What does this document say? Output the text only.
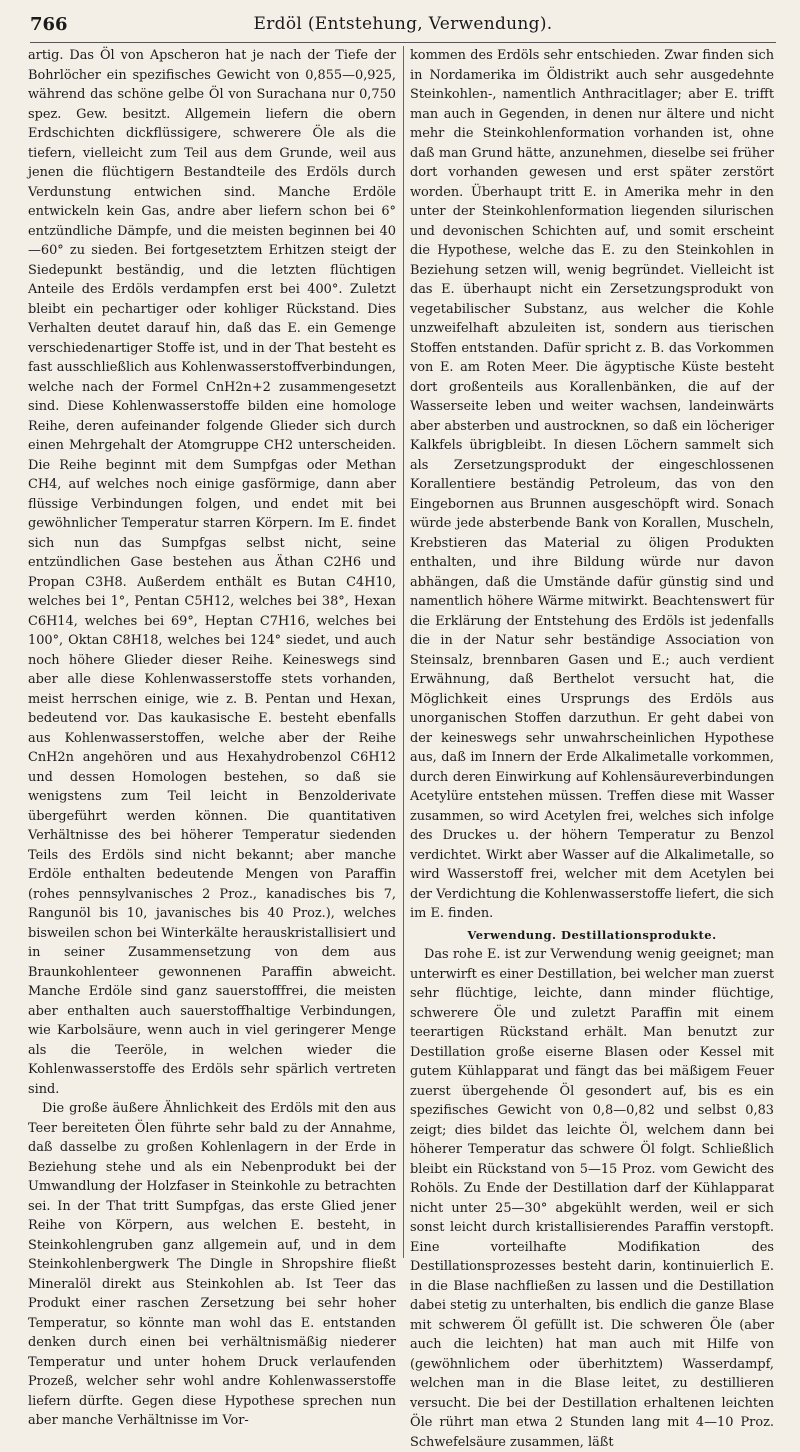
766	Erdöl (Entstehung, Verwendung).

artig. Das Öl von Apscheron hat je nach der Tiefe der Bohrlöcher ein spezifisches Gewicht von 0,855—0,925, während das schöne gelbe Öl von Surachana nur 0,750 spez. Gew. besitzt. Allgemein liefern die obern Erdschichten dickflüssigere, schwerere Öle als die tiefern, vielleicht zum Teil aus dem Grunde, weil aus jenen die flüchtigern Bestandteile des Erdöls durch Verdunstung entwichen sind. Manche Erdöle entwickeln kein Gas, andre aber liefern schon bei 6° entzündliche Dämpfe, und die meisten beginnen bei 40—60° zu sieden. Bei fortgesetztem Erhitzen steigt der Siedepunkt beständig, und die letzten flüchtigen Anteile des Erdöls verdampfen erst bei 400°. Zuletzt bleibt ein pechartiger oder kohliger Rückstand. Dies Verhalten deutet darauf hin, daß das E. ein Gemenge verschiedenartiger Stoffe ist, und in der That besteht es fast ausschließlich aus Kohlenwasserstoffverbindungen, welche nach der Formel CnH2n+2 zusammengesetzt sind. Diese Kohlenwasserstoffe bilden eine homologe Reihe, deren aufeinander folgende Glieder sich durch einen Mehrgehalt der Atomgruppe CH2 unterscheiden. Die Reihe beginnt mit dem Sumpfgas oder Methan CH4, auf welches noch einige gasförmige, dann aber flüssige Verbindungen folgen, und endet mit bei gewöhnlicher Temperatur starren Körpern. Im E. findet sich nun das Sumpfgas selbst nicht, seine entzündlichen Gase bestehen aus Äthan C2H6 und Propan C3H8. Außerdem enthält es Butan C4H10, welches bei 1°, Pentan C5H12, welches bei 38°, Hexan C6H14, welches bei 69°, Heptan C7H16, welches bei 100°, Oktan C8H18, welches bei 124° siedet, und auch noch höhere Glieder dieser Reihe. Keineswegs sind aber alle diese Kohlenwasserstoffe stets vorhanden, meist herrschen einige, wie z. B. Pentan und Hexan, bedeutend vor. Das kaukasische E. besteht ebenfalls aus Kohlenwasserstoffen, welche aber der Reihe CnH2n angehören und aus Hexahydrobenzol C6H12 und dessen Homologen bestehen, so daß sie wenigstens zum Teil leicht in Benzolderivate übergeführt werden können. Die quantitativen Verhältnisse des bei höherer Temperatur siedenden Teils des Erdöls sind nicht bekannt; aber manche Erdöle enthalten bedeutende Mengen von Paraffin (rohes pennsylvanisches 2 Proz., kanadisches bis 7, Rangunöl bis 10, javanisches bis 40 Proz.), welches bisweilen schon bei Winterkälte herauskristallisiert und in seiner Zusammensetzung von dem aus Braunkohlenteer gewonnenen Paraffin abweicht. Manche Erdöle sind ganz sauerstofffrei, die meisten aber enthalten auch sauerstoffhaltige Verbindungen, wie Karbolsäure, wenn auch in viel geringerer Menge als die Teeröle, in welchen wieder die Kohlenwasserstoffe des Erdöls sehr spärlich vertreten sind.

Die große äußere Ähnlichkeit des Erdöls mit den aus Teer bereiteten Ölen führte sehr bald zu der Annahme, daß dasselbe zu großen Kohlenlagern in der Erde in Beziehung stehe und als ein Nebenprodukt bei der Umwandlung der Holzfaser in Steinkohle zu betrachten sei. In der That tritt Sumpfgas, das erste Glied jener Reihe von Körpern, aus welchen E. besteht, in Steinkohlengruben ganz allgemein auf, und in dem Steinkohlenbergwerk The Dingle in Shropshire fließt Mineralöl direkt aus Steinkohlen ab. Ist Teer das Produkt einer raschen Zersetzung bei sehr hoher Temperatur, so könnte man wohl das E. entstanden denken durch einen bei verhältnismäßig niederer Temperatur und unter hohem Druck verlaufenden Prozeß, welcher sehr wohl andre Kohlenwasserstoffe liefern dürfte. Gegen diese Hypothese sprechen nun aber manche Verhältnisse im Vor-

kommen des Erdöls sehr entschieden. Zwar finden sich in Nordamerika im Öldistrikt auch sehr ausgedehnte Steinkohlen-, namentlich Anthracitlager; aber E. trifft man auch in Gegenden, in denen nur ältere und nicht mehr die Steinkohlenformation vorhanden ist, ohne daß man Grund hätte, anzunehmen, dieselbe sei früher dort vorhanden gewesen und erst später zerstört worden. Überhaupt tritt E. in Amerika mehr in den unter der Steinkohlenformation liegenden silurischen und devonischen Schichten auf, und somit erscheint die Hypothese, welche das E. zu den Steinkohlen in Beziehung setzen will, wenig begründet. Vielleicht ist das E. überhaupt nicht ein Zersetzungsprodukt von vegetabilischer Substanz, aus welcher die Kohle unzweifelhaft abzuleiten ist, sondern aus tierischen Stoffen entstanden. Dafür spricht z. B. das Vorkommen von E. am Roten Meer. Die ägyptische Küste besteht dort großenteils aus Korallenbänken, die auf der Wasserseite leben und weiter wachsen, landeinwärts aber absterben und austrocknen, so daß ein löcheriger Kalkfels übrigbleibt. In diesen Löchern sammelt sich als Zersetzungsprodukt der eingeschlossenen Korallentiere beständig Petroleum, das von den Eingebornen aus Brunnen ausgeschöpft wird. Sonach würde jede absterbende Bank von Korallen, Muscheln, Krebstieren das Material zu öligen Produkten enthalten, und ihre Bildung würde nur davon abhängen, daß die Umstände dafür günstig sind und namentlich höhere Wärme mitwirkt. Beachtenswert für die Erklärung der Entstehung des Erdöls ist jedenfalls die in der Natur sehr beständige Association von Steinsalz, brennbaren Gasen und E.; auch verdient Erwähnung, daß Berthelot versucht hat, die Möglichkeit eines Ursprungs des Erdöls aus unorganischen Stoffen darzuthun. Er geht dabei von der keineswegs sehr unwahrscheinlichen Hypothese aus, daß im Innern der Erde Alkalimetalle vorkommen, durch deren Einwirkung auf Kohlensäureverbindungen Acetylüre entstehen müssen. Treffen diese mit Wasser zusammen, so wird Acetylen frei, welches sich infolge des Druckes u. der höhern Temperatur zu Benzol verdichtet. Wirkt aber Wasser auf die Alkalimetalle, so wird Wasserstoff frei, welcher mit dem Acetylen bei der Verdichtung die Kohlenwasserstoffe liefert, die sich im E. finden.

Verwendung. Destillationsprodukte.

Das rohe E. ist zur Verwendung wenig geeignet; man unterwirft es einer Destillation, bei welcher man zuerst sehr flüchtige, leichte, dann minder flüchtige, schwerere Öle und zuletzt Paraffin mit einem teerartigen Rückstand erhält. Man benutzt zur Destillation große eiserne Blasen oder Kessel mit gutem Kühlapparat und fängt das bei mäßigem Feuer zuerst übergehende Öl gesondert auf, bis es ein spezifisches Gewicht von 0,8—0,82 und selbst 0,83 zeigt; dies bildet das leichte Öl, welchem dann bei höherer Temperatur das schwere Öl folgt. Schließlich bleibt ein Rückstand von 5—15 Proz. vom Gewicht des Rohöls. Zu Ende der Destillation darf der Kühlapparat nicht unter 25—30° abgekühlt werden, weil er sich sonst leicht durch kristallisierendes Paraffin verstopft. Eine vorteilhafte Modifikation des Destillationsprozesses besteht darin, kontinuierlich E. in die Blase nachfließen zu lassen und die Destillation dabei stetig zu unterhalten, bis endlich die ganze Blase mit schwerem Öl gefüllt ist. Die schweren Öle (aber auch die leichten) hat man auch mit Hilfe von (gewöhnlichem oder überhitztem) Wasserdampf, welchen man in die Blase leitet, zu destillieren versucht. Die bei der Destillation erhaltenen leichten Öle rührt man etwa 2 Stunden lang mit 4—10 Proz. Schwefelsäure zusammen, läßt
